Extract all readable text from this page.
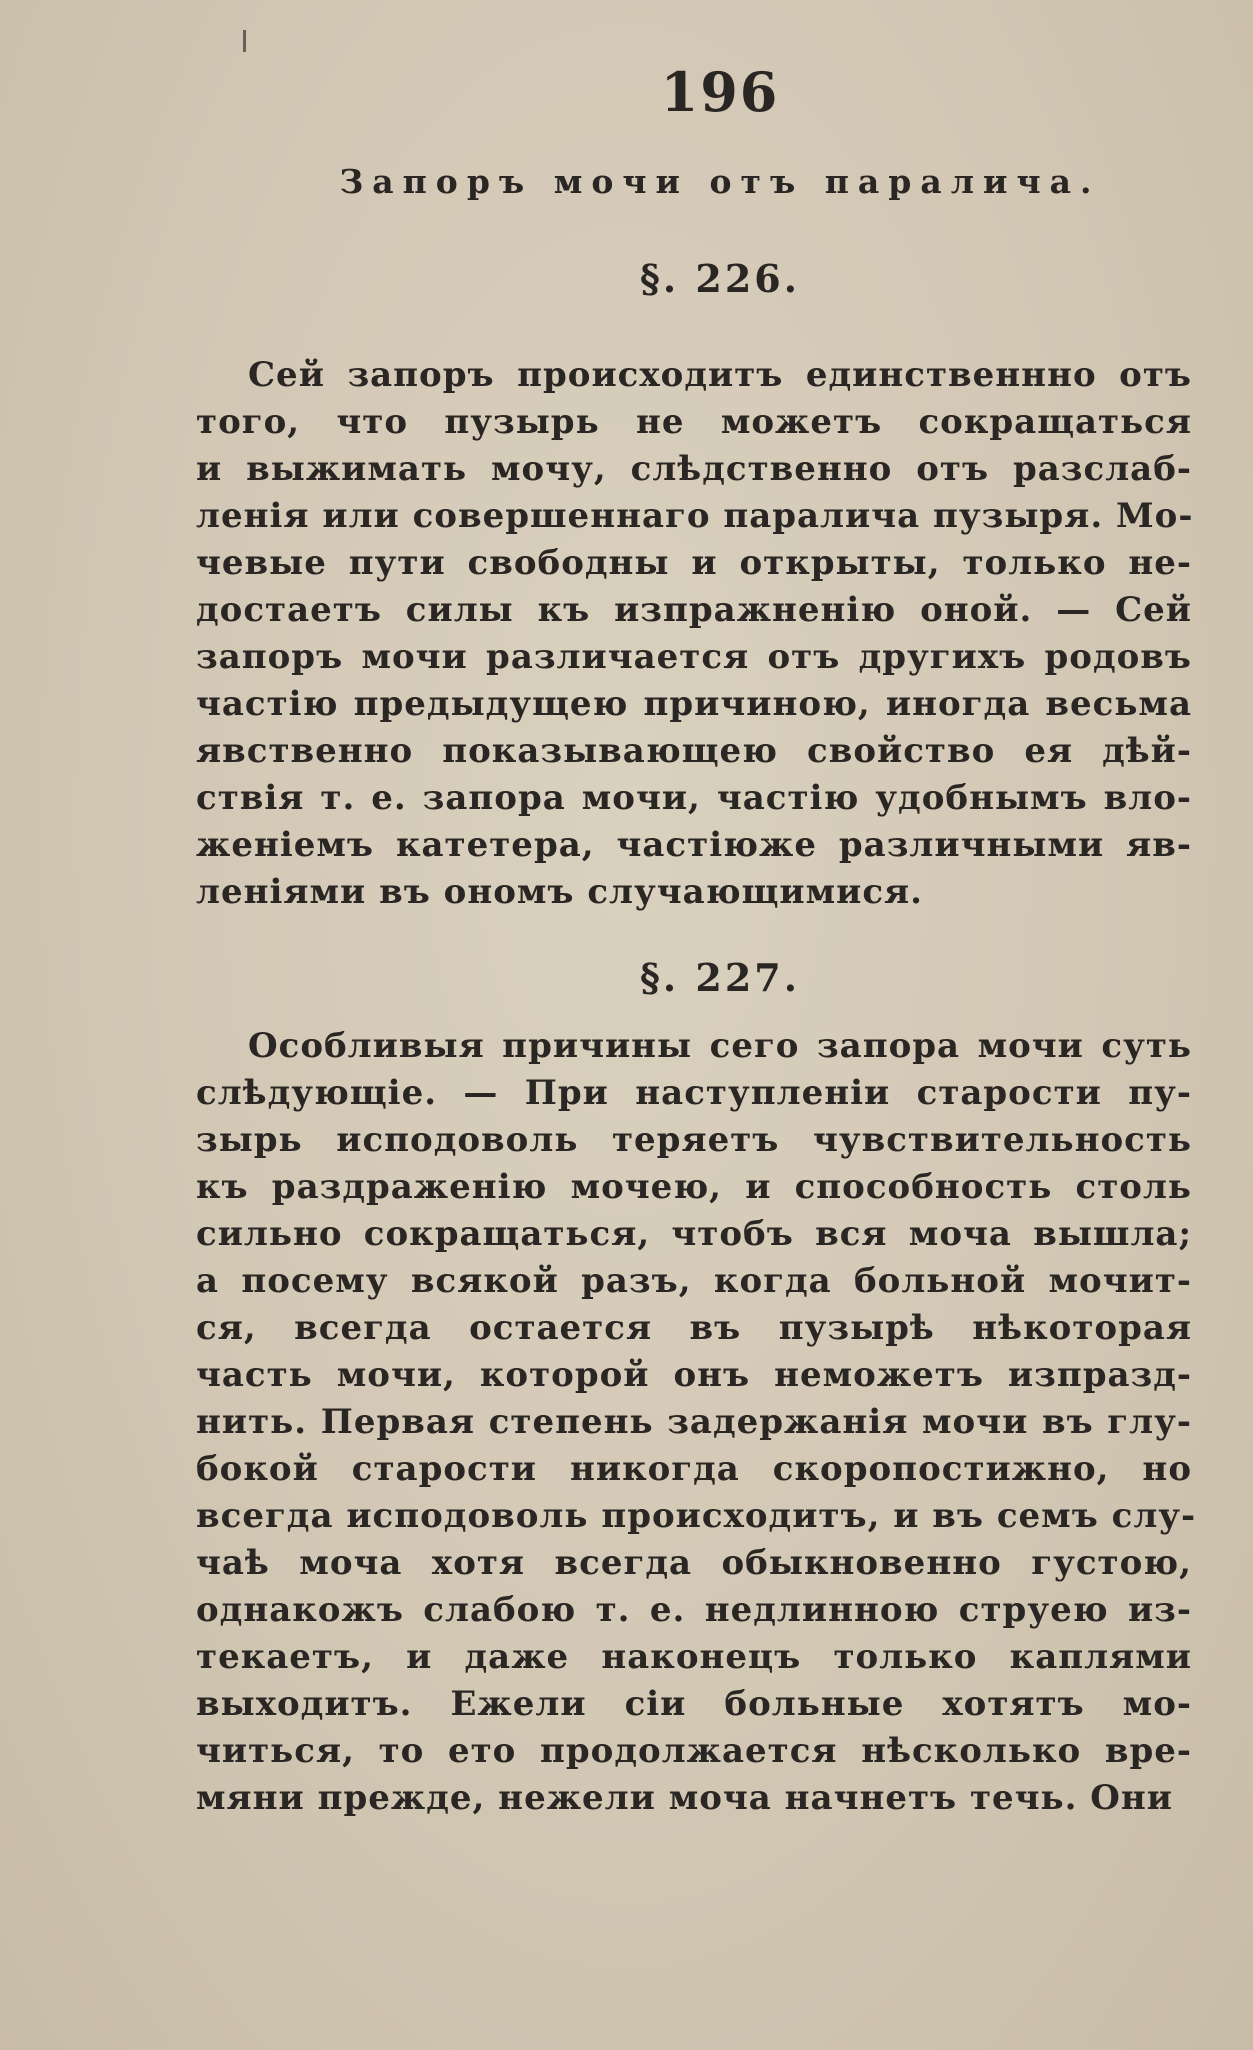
196
Запоръ мочи отъ паралича.
§. 226.
Сей запоръ происходитъ единственнно отъ
того, что пузырь не можетъ сокращаться
и выжимать мочу, слѣдственно отъ разслаб-
ленія или совершеннаго паралича пузыря. Мо-
чевые пути свободны и открыты, только не-
достаетъ силы къ изпражненію оной. — Сей
запоръ мочи различается отъ другихъ родовъ
частію предыдущею причиною, иногда весьма
явственно показывающею свойство ея дѣй-
ствія т. е. запора мочи, частію удобнымъ вло-
женіемъ катетера, частіюже различными яв-
леніями въ ономъ случающимися.
§. 227.
Особливыя причины сего запора мочи суть
слѣдующіе. — При наступленіи старости пу-
зырь исподоволь теряетъ чувствительность
къ раздраженію мочею, и способность столь
сильно сокращаться, чтобъ вся моча вышла;
а посему всякой разъ, когда больной мочит-
ся, всегда остается въ пузырѣ нѣкоторая
часть мочи, которой онъ неможетъ изпразд-
нить. Первая степень задержанія мочи въ глу-
бокой старости никогда скоропостижно, но
всегда исподоволь происходитъ, и въ семъ слу-
чаѣ моча хотя всегда обыкновенно густою,
однакожъ слабою т. е. недлинною струею из-
текаетъ, и даже наконецъ только каплями
выходитъ. Ежели сіи больные хотятъ мо-
читься, то ето продолжается нѣсколько вре-
мяни прежде, нежели моча начнетъ течь. Они
